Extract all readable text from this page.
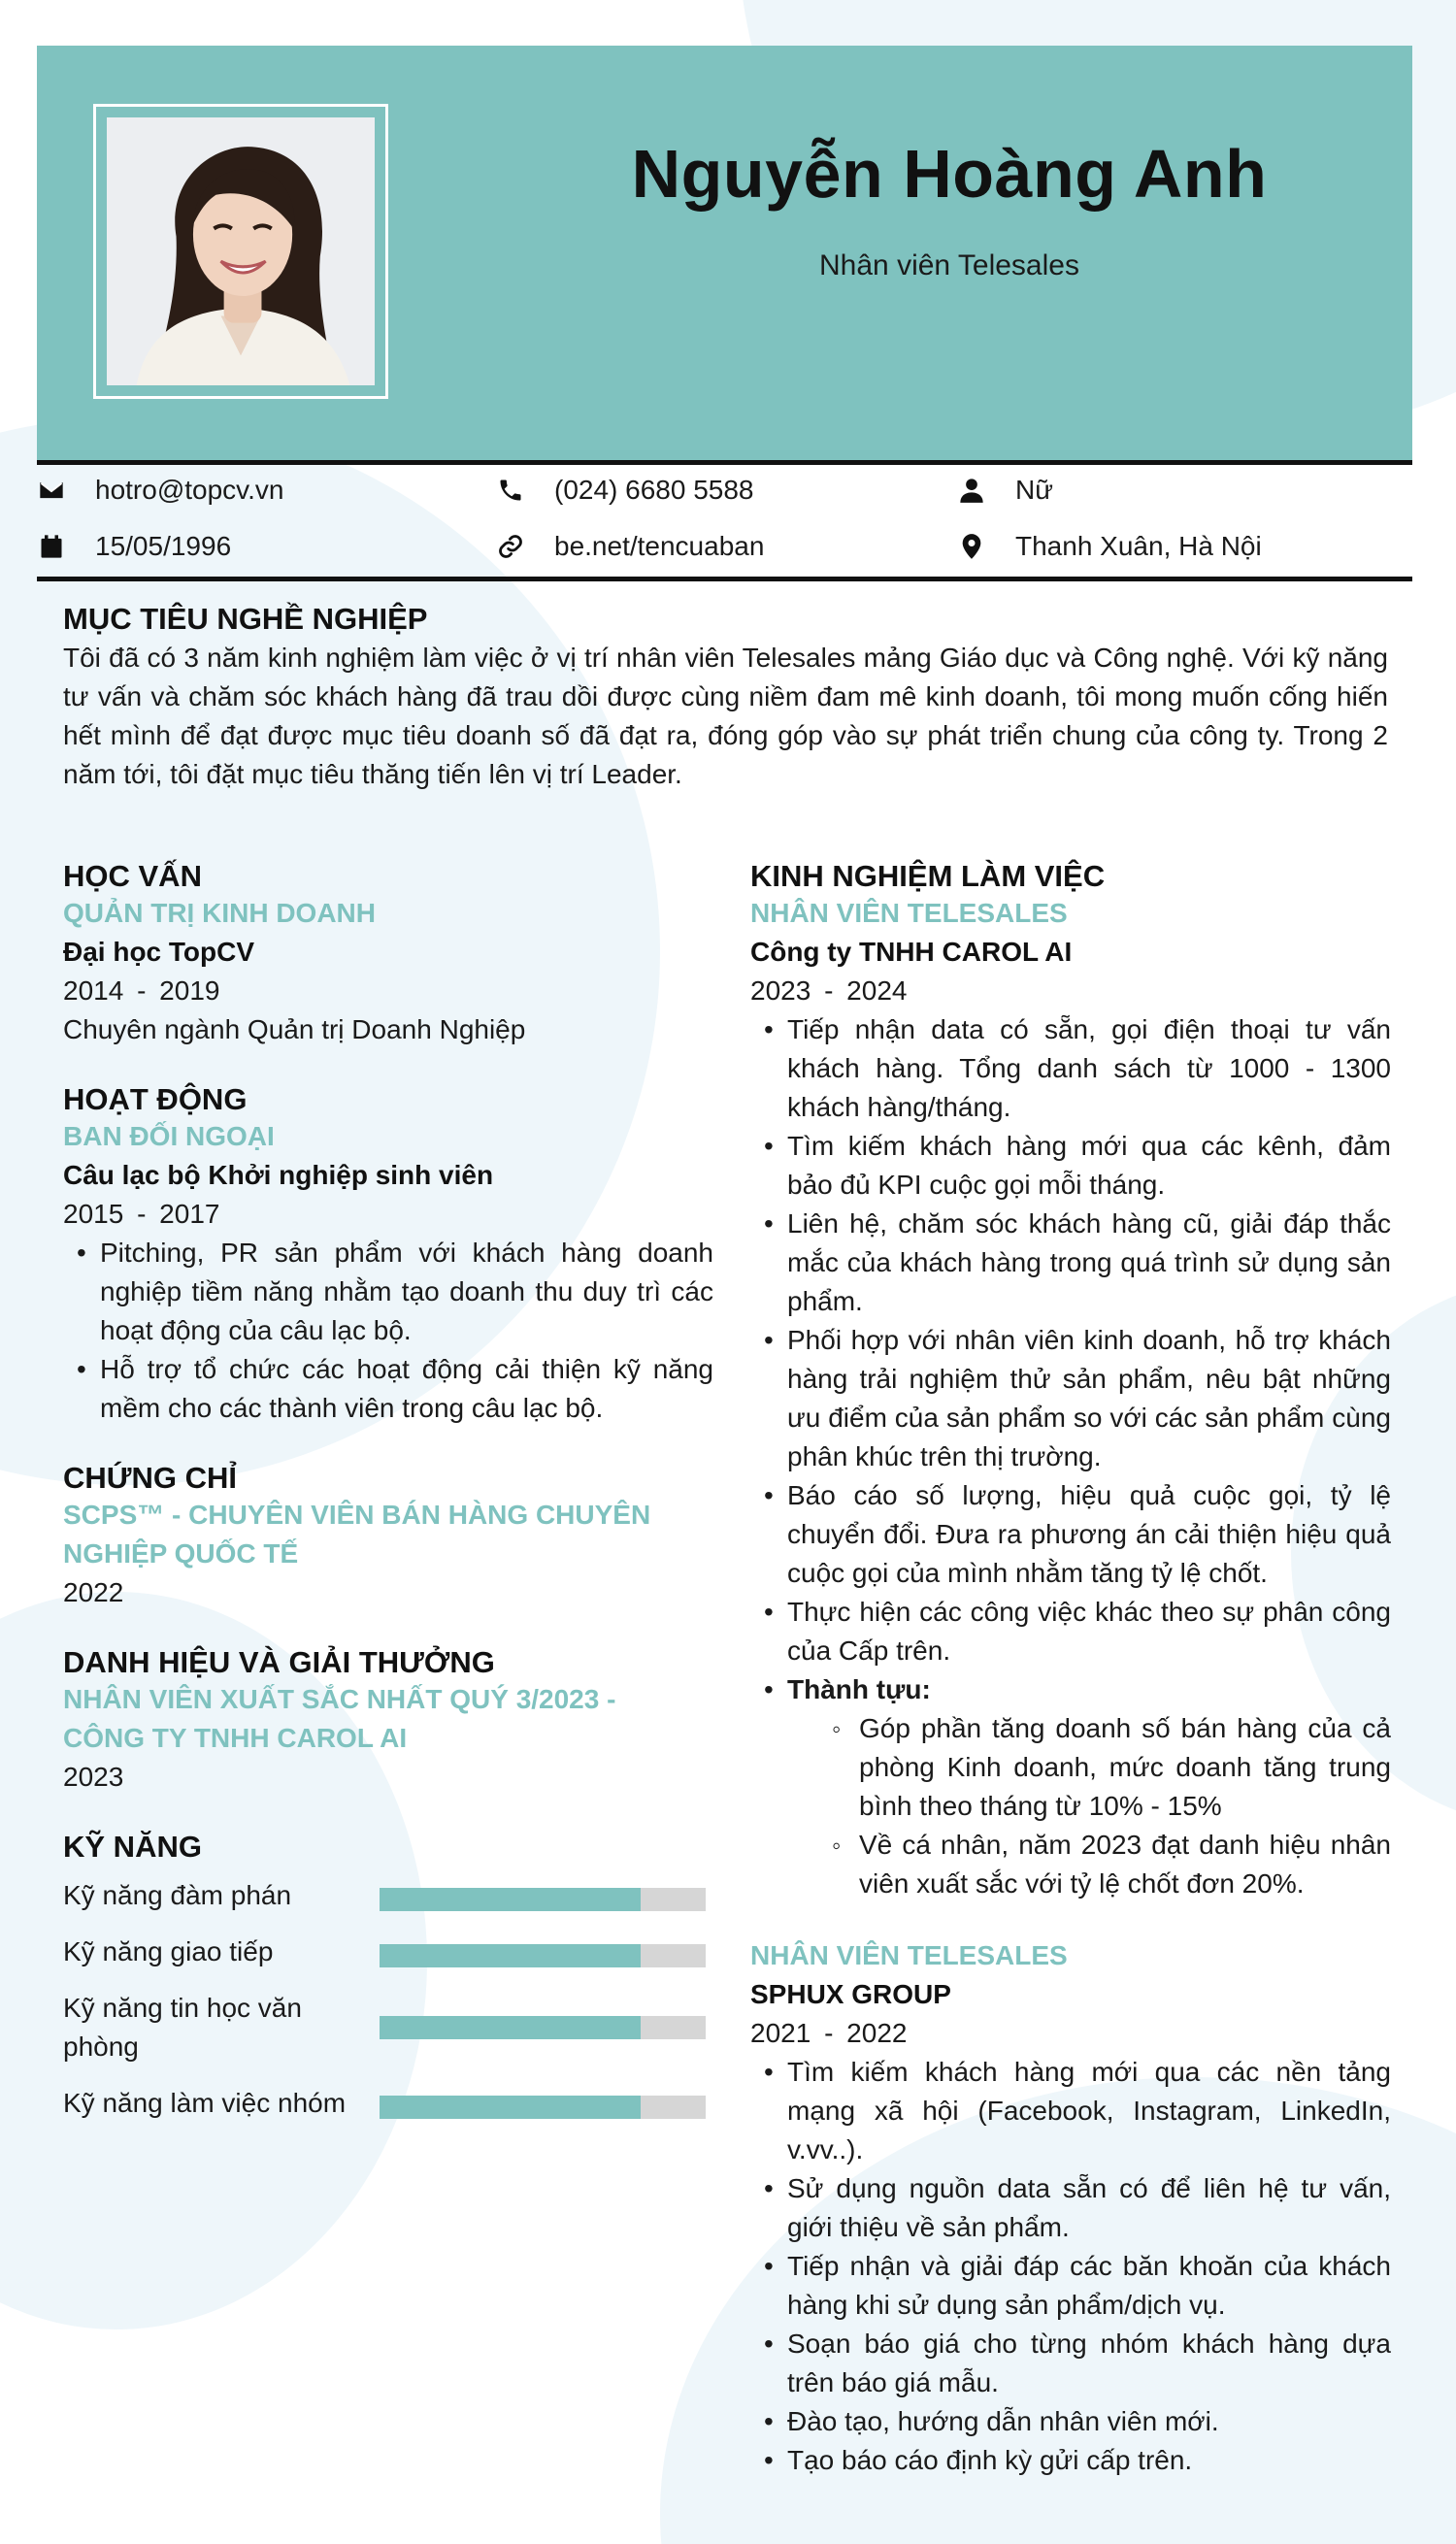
Nguyễn Hoàng Anh
Nhân viên Telesales
hotro@topcv.vn	(024) 6680 5588	Nữ
15/05/1996	be.net/tencuaban	Thanh Xuân, Hà Nội
MỤC TIÊU NGHỀ NGHIỆP

Tôi đã có 3 năm kinh nghiệm làm việc ở vị trí nhân viên Telesales mảng Giáo dục và Công nghệ. Với kỹ năng tư vấn và chăm sóc khách hàng đã trau dồi được cùng niềm đam mê kinh doanh, tôi mong muốn cống hiến hết mình để đạt được mục tiêu doanh số đã đạt ra, đóng góp vào sự phát triển chung của công ty. Trong 2 năm tới, tôi đặt mục tiêu thăng tiến lên vị trí Leader.

HỌC VẤN
QUẢN TRỊ KINH DOANH
Đại học TopCV
2014 - 2019
Chuyên ngành Quản trị Doanh Nghiệp
HOẠT ĐỘNG
BAN ĐỐI NGOẠI
Câu lạc bộ Khởi nghiệp sinh viên
2015 - 2017
• Pitching, PR sản phẩm với khách hàng doanh nghiệp tiềm năng nhằm tạo doanh thu duy trì các hoạt động của câu lạc bộ.
• Hỗ trợ tổ chức các hoạt động cải thiện kỹ năng mềm cho các thành viên trong câu lạc bộ.
CHỨNG CHỈ
SCPS™ - CHUYÊN VIÊN BÁN HÀNG CHUYÊN
NGHIỆP QUỐC TẾ
2022
DANH HIỆU VÀ GIẢI THƯỞNG
NHÂN VIÊN XUẤT SẮC NHẤT QUÝ 3/2023 -
CÔNG TY TNHH CAROL AI
2023
KỸ NĂNG
Kỹ năng đàm phán
Kỹ năng giao tiếp
Kỹ năng tin học văn phòng
Kỹ năng làm việc nhóm
KINH NGHIỆM LÀM VIỆC
NHÂN VIÊN TELESALES
Công ty TNHH CAROL AI
2023 - 2024
• Tiếp nhận data có sẵn, gọi điện thoại tư vấn khách hàng. Tổng danh sách từ 1000 - 1300 khách hàng/tháng.
• Tìm kiếm khách hàng mới qua các kênh, đảm bảo đủ KPI cuộc gọi mỗi tháng.
• Liên hệ, chăm sóc khách hàng cũ, giải đáp thắc mắc của khách hàng trong quá trình sử dụng sản phẩm.
• Phối hợp với nhân viên kinh doanh, hỗ trợ khách hàng trải nghiệm thử sản phẩm, nêu bật những ưu điểm của sản phẩm so với các sản phẩm cùng phân khúc trên thị trường.
• Báo cáo số lượng, hiệu quả cuộc gọi, tỷ lệ chuyển đổi. Đưa ra phương án cải thiện hiệu quả cuộc gọi của mình nhằm tăng tỷ lệ chốt.
• Thực hiện các công việc khác theo sự phân công của Cấp trên.
• Thành tựu:
◦ Góp phần tăng doanh số bán hàng của cả phòng Kinh doanh, mức doanh tăng trung bình theo tháng từ 10% - 15%
◦ Về cá nhân, năm 2023 đạt danh hiệu nhân viên xuất sắc với tỷ lệ chốt đơn 20%.
NHÂN VIÊN TELESALES
SPHUX GROUP
2021 - 2022
• Tìm kiếm khách hàng mới qua các nền tảng mạng xã hội (Facebook, Instagram, LinkedIn, v.vv..).
• Sử dụng nguồn data sẵn có để liên hệ tư vấn, giới thiệu về sản phẩm.
• Tiếp nhận và giải đáp các băn khoăn của khách hàng khi sử dụng sản phẩm/dịch vụ.
• Soạn báo giá cho từng nhóm khách hàng dựa trên báo giá mẫu.
• Đào tạo, hướng dẫn nhân viên mới.
• Tạo báo cáo định kỳ gửi cấp trên.
